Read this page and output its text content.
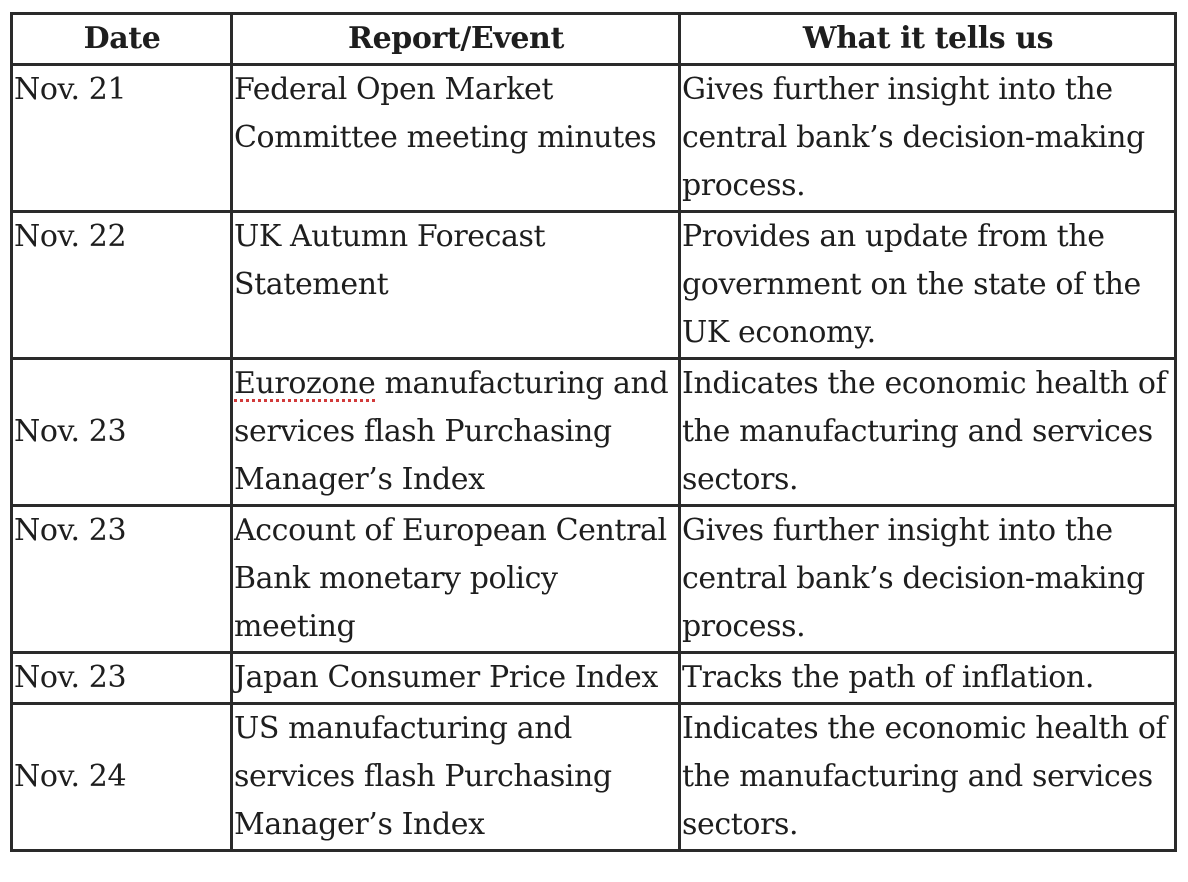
Date	Report/Event	What it tells us
Nov. 21	Federal Open Market Committee meeting minutes	Gives further insight into the central bank’s decision-making process.
Nov. 22	UK Autumn Forecast Statement	Provides an update from the government on the state of the UK economy.
Nov. 23	Eurozone manufacturing and services flash Purchasing Manager’s Index	Indicates the economic health of the manufacturing and services sectors.
Nov. 23	Account of European Central Bank monetary policy meeting	Gives further insight into the central bank’s decision-making process.
Nov. 23	Japan Consumer Price Index	Tracks the path of inflation.
Nov. 24	US manufacturing and services flash Purchasing Manager’s Index	Indicates the economic health of the manufacturing and services sectors.
